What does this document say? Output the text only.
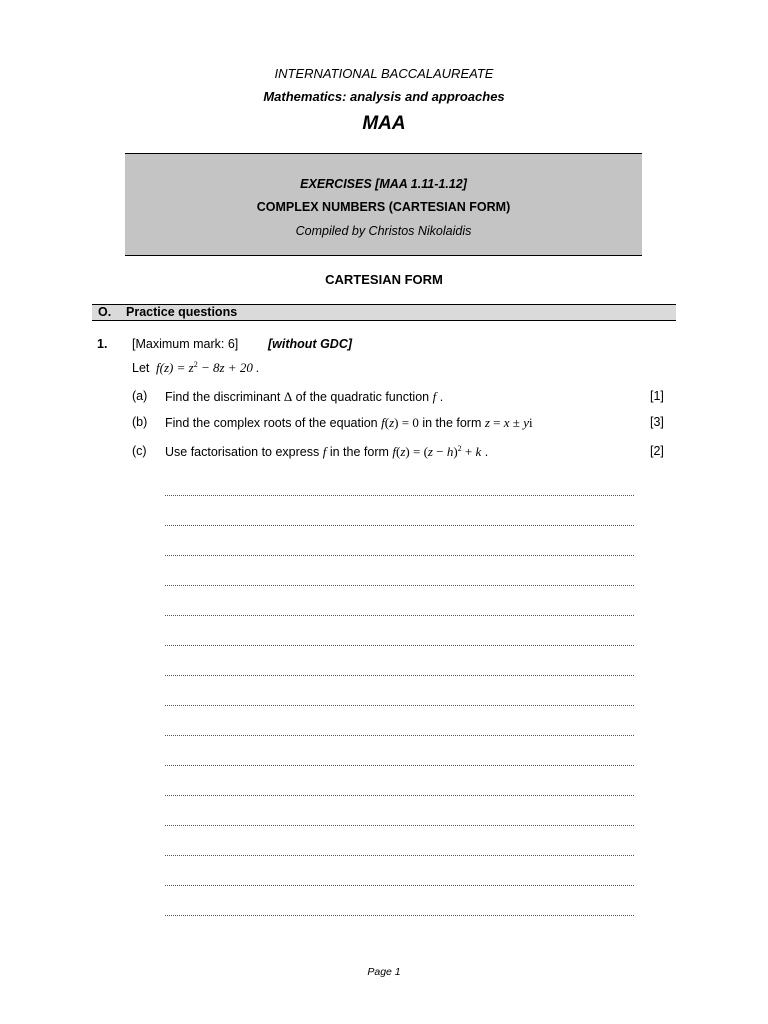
INTERNATIONAL BACCALAUREATE
Mathematics: analysis and approaches
MAA
EXERCISES [MAA 1.11-1.12]
COMPLEX NUMBERS (CARTESIAN FORM)
Compiled by Christos Nikolaidis
CARTESIAN FORM
O. Practice questions
1. [Maximum mark: 6] [without GDC]
Let $f(z) = z^2 - 8z + 20$ .
(a) Find the discriminant Δ of the quadratic function f .	[1]
(b) Find the complex roots of the equation f(z) = 0 in the form z = x ± yi	[3]
(c) Use factorisation to express f in the form $f(z) = (z - h)^2 + k$ .	[2]
Page 1
